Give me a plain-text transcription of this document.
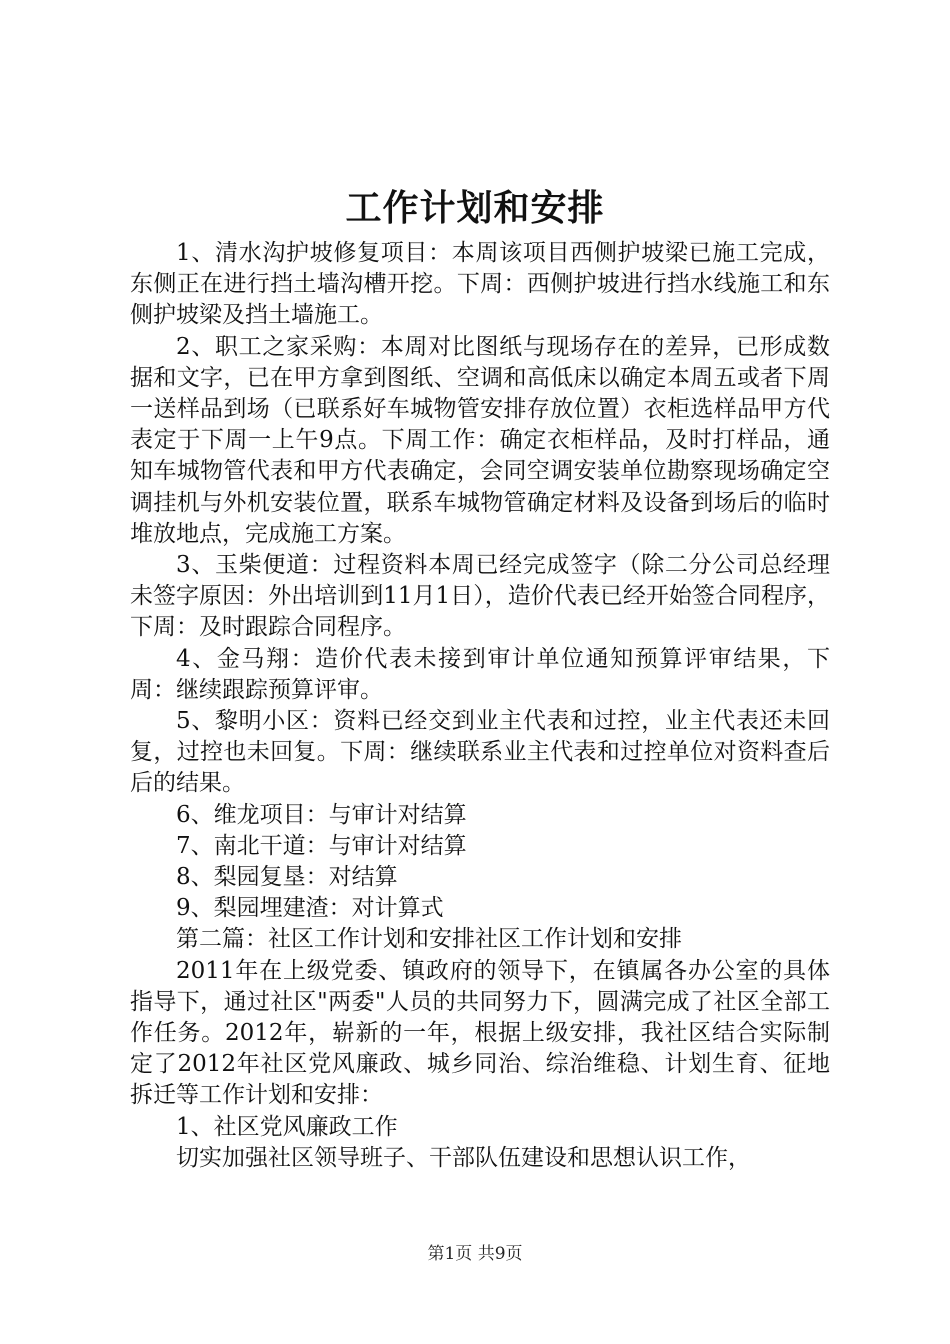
工作计划和安排

1、清水沟护坡修复项目：本周该项目西侧护坡梁已施工完成，东侧正在进行挡土墙沟槽开挖。下周：西侧护坡进行挡水线施工和东侧护坡梁及挡土墙施工。

2、职工之家采购：本周对比图纸与现场存在的差异，已形成数据和文字，已在甲方拿到图纸、空调和高低床以确定本周五或者下周一送样品到场（已联系好车城物管安排存放位置）衣柜选样品甲方代表定于下周一上午9点。下周工作：确定衣柜样品，及时打样品，通知车城物管代表和甲方代表确定，会同空调安装单位勘察现场确定空调挂机与外机安装位置，联系车城物管确定材料及设备到场后的临时堆放地点，完成施工方案。

3、玉柴便道：过程资料本周已经完成签字（除二分公司总经理未签字原因：外出培训到11月1日），造价代表已经开始签合同程序，下周：及时跟踪合同程序。

4、金马翔：造价代表未接到审计单位通知预算评审结果，下周：继续跟踪预算评审。

5、黎明小区：资料已经交到业主代表和过控，业主代表还未回复，过控也未回复。下周：继续联系业主代表和过控单位对资料查后后的结果。

6、维龙项目：与审计对结算

7、南北干道：与审计对结算

8、梨园复垦：对结算

9、梨园埋建渣：对计算式

第二篇：社区工作计划和安排社区工作计划和安排

2011年在上级党委、镇政府的领导下，在镇属各办公室的具体指导下，通过社区"两委"人员的共同努力下，圆满完成了社区全部工作任务。2012年，崭新的一年，根据上级安排，我社区结合实际制定了2012年社区党风廉政、城乡同治、综治维稳、计划生育、征地拆迁等工作计划和安排：

1、社区党风廉政工作

切实加强社区领导班子、干部队伍建设和思想认识工作，

第1页 共9页
